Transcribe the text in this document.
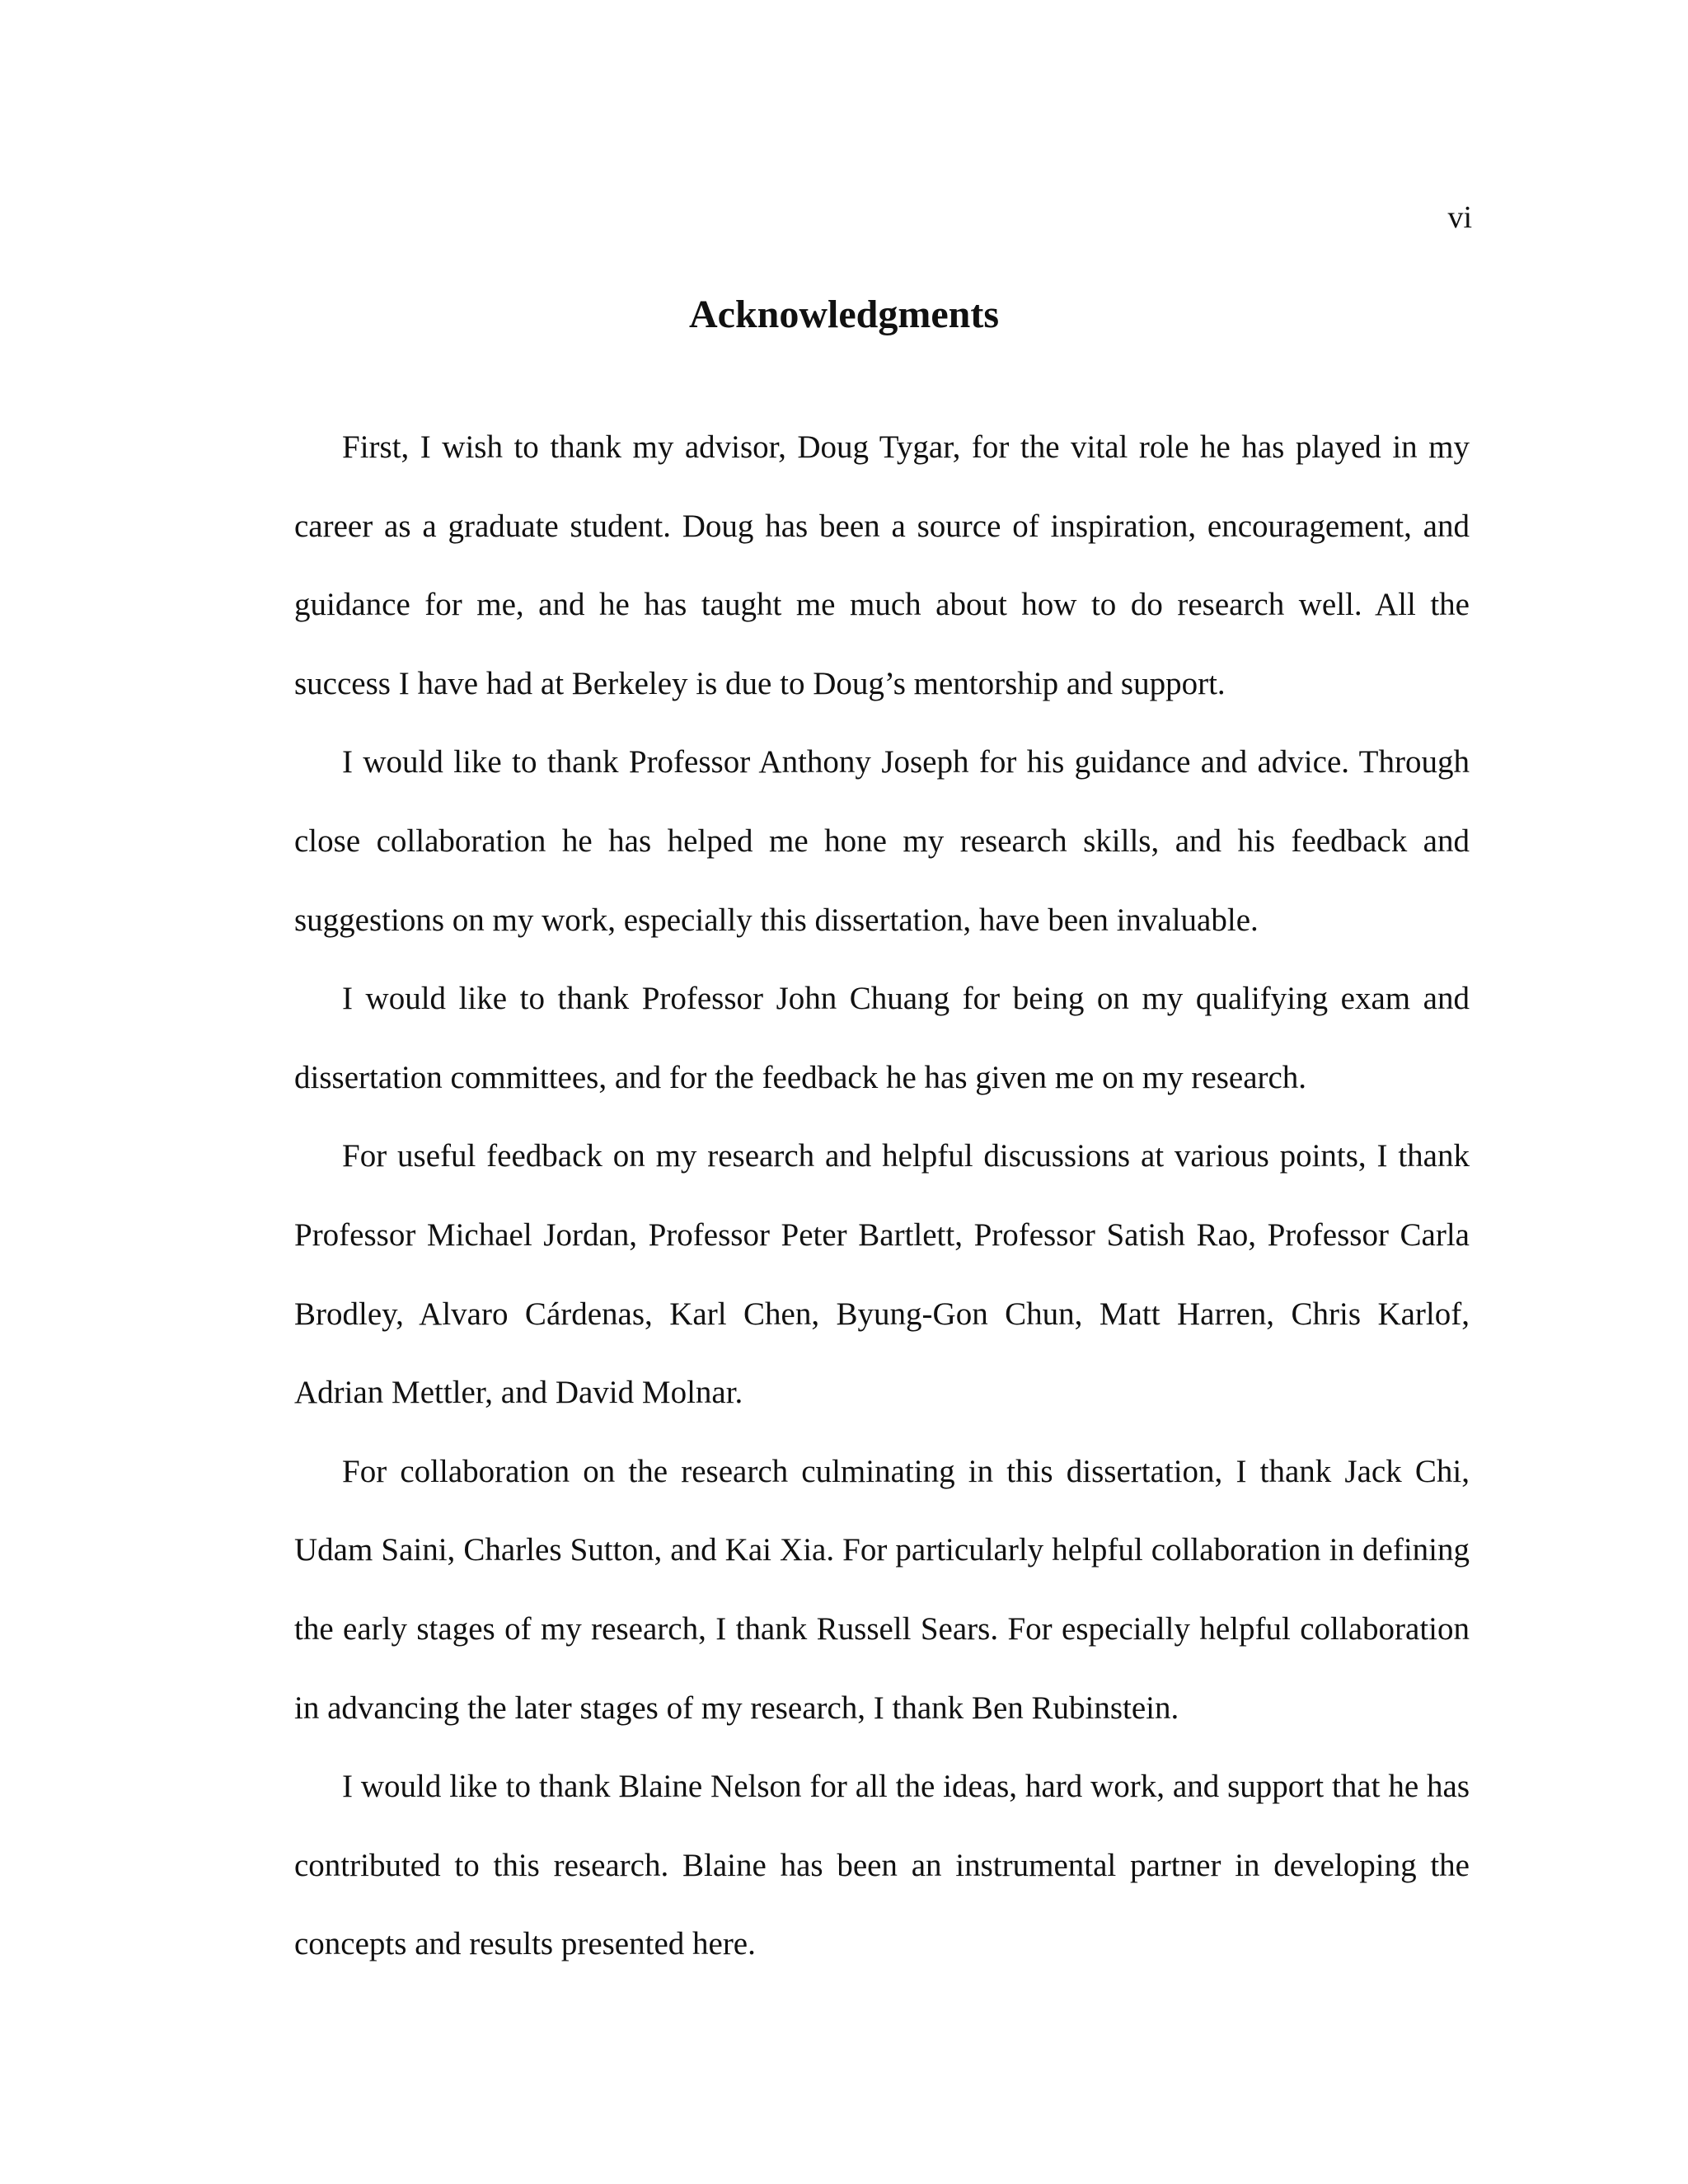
vi
Acknowledgments

First, I wish to thank my advisor, Doug Tygar, for the vital role he has played in my career as a graduate student. Doug has been a source of inspiration, encouragement, and guidance for me, and he has taught me much about how to do research well. All the success I have had at Berkeley is due to Doug’s mentorship and support.

I would like to thank Professor Anthony Joseph for his guidance and advice. Through close collaboration he has helped me hone my research skills, and his feedback and suggestions on my work, especially this dissertation, have been invaluable.

I would like to thank Professor John Chuang for being on my qualifying exam and dissertation committees, and for the feedback he has given me on my research.

For useful feedback on my research and helpful discussions at various points, I thank Professor Michael Jordan, Professor Peter Bartlett, Professor Satish Rao, Professor Carla Brodley, Alvaro Cárdenas, Karl Chen, Byung-Gon Chun, Matt Harren, Chris Karlof, Adrian Mettler, and David Molnar.

For collaboration on the research culminating in this dissertation, I thank Jack Chi, Udam Saini, Charles Sutton, and Kai Xia. For particularly helpful collaboration in defining the early stages of my research, I thank Russell Sears. For especially helpful collaboration in advancing the later stages of my research, I thank Ben Rubinstein.

I would like to thank Blaine Nelson for all the ideas, hard work, and support that he has contributed to this research. Blaine has been an instrumental partner in developing the concepts and results presented here.
